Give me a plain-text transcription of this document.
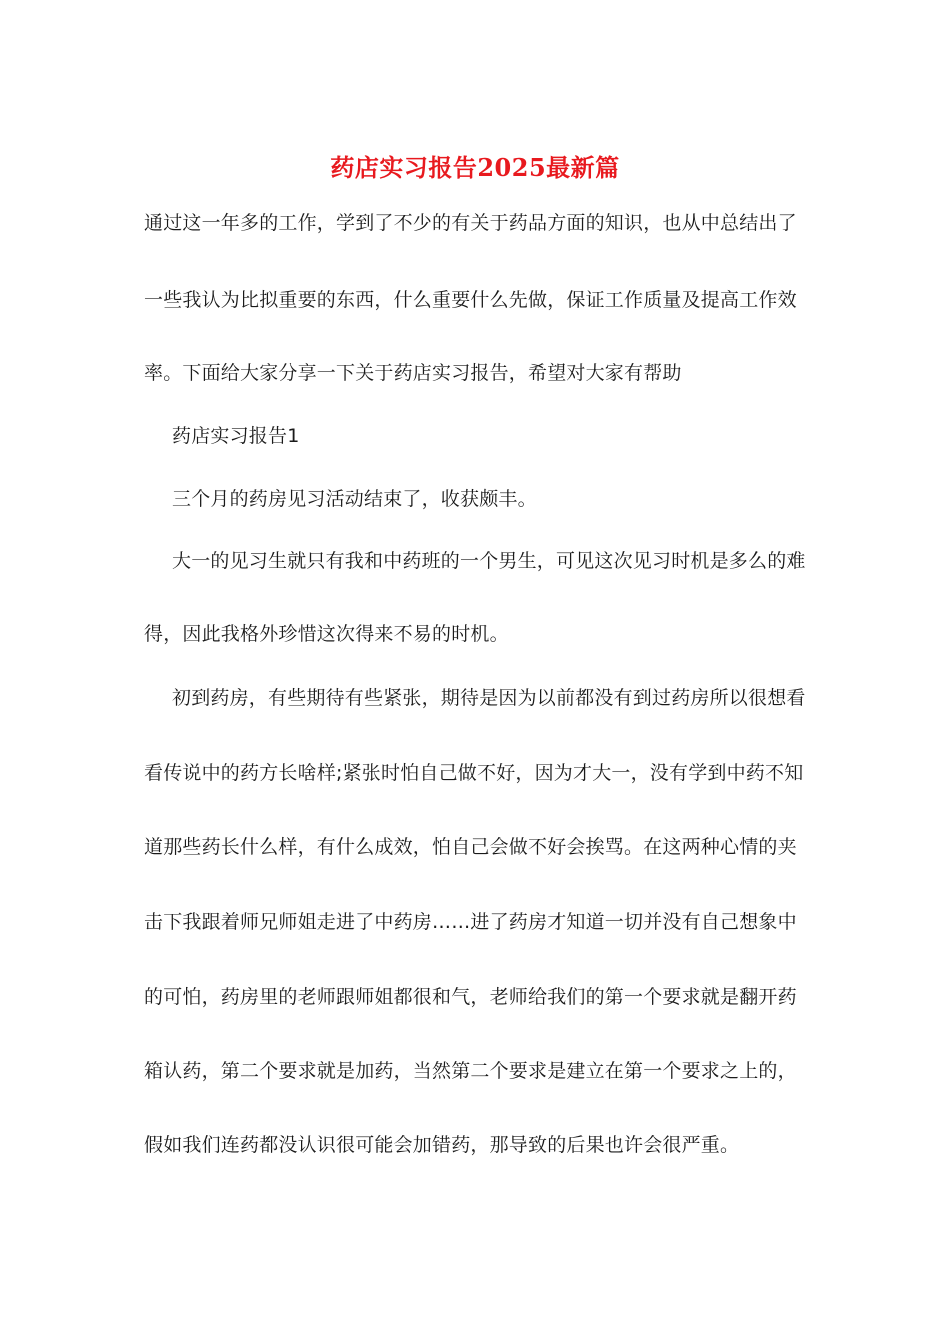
药店实习报告2025最新篇
通过这一年多的工作，学到了不少的有关于药品方面的知识，也从中总结出了
一些我认为比拟重要的东西，什么重要什么先做，保证工作质量及提高工作效
率。下面给大家分享一下关于药店实习报告，希望对大家有帮助
药店实习报告1
三个月的药房见习活动结束了，收获颇丰。
大一的见习生就只有我和中药班的一个男生，可见这次见习时机是多么的难
得，因此我格外珍惜这次得来不易的时机。
初到药房，有些期待有些紧张，期待是因为以前都没有到过药房所以很想看
看传说中的药方长啥样;紧张时怕自己做不好，因为才大一，没有学到中药不知
道那些药长什么样，有什么成效，怕自己会做不好会挨骂。在这两种心情的夹
击下我跟着师兄师姐走进了中药房……进了药房才知道一切并没有自己想象中
的可怕，药房里的老师跟师姐都很和气，老师给我们的第一个要求就是翻开药
箱认药，第二个要求就是加药，当然第二个要求是建立在第一个要求之上的，
假如我们连药都没认识很可能会加错药，那导致的后果也许会很严重。
